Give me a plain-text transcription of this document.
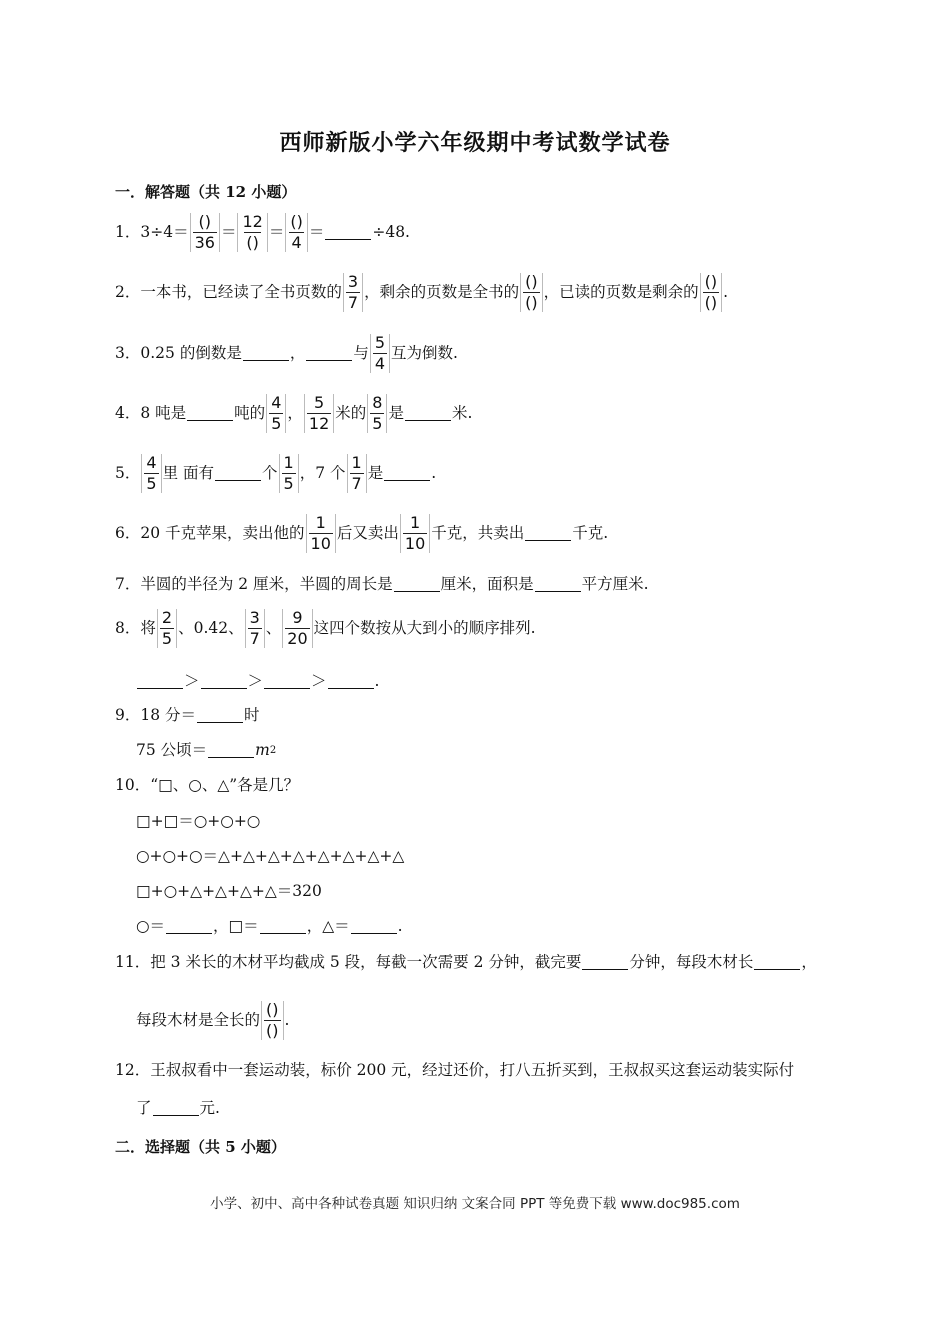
西师新版小学六年级期中考试数学试卷
一．解答题（共 12 小题）
1． $3\div 4= \frac{()}{36} = \frac{12}{()} = \frac{()}{4}$ ＝	÷48.
2． 一本书，已经读了全书页数的 $\frac{3}{7}$ ，剩余的页数是全书的 $\frac{()}{()}$ ，已读的页数是剩余的 $\frac{()}{()}$ .
3． 0.25 的倒数是	，	与 $\frac{5}{4}$ 互为倒数.
4． 8 吨是	吨的 $\frac{4}{5}$ ， $\frac{5}{12}$ 米的 $\frac{8}{5}$ 是	米.
5． $\frac{4}{5}$ 里 面有	个 $\frac{1}{5}$ ，7 个 $\frac{1}{7}$ 是	.
6． 20 千克苹果，卖出他的 $\frac{1}{10}$ 后又卖出 $\frac{1}{10}$ 千克，共卖出	千克.
7． 半圆的半径为 2 厘米，半圆的周长是	厘米，面积是	平方厘米.
8． 将 $\frac{2}{5}$ 、0.42、 $\frac{3}{7}$ 、 $\frac{9}{20}$ 这四个数按从大到小的顺序排列.
＞	＞	＞	.
9． 18 分＝	时
75 公顷＝	m 2
10． “□、○、△”各是几？
□+□＝○+○+○
○+○+○＝△+△+△+△+△+△+△+△
□+○+△+△+△+△＝320
○＝	，□＝	，△＝	.
11． 把 3 米长的木材平均截成 5 段，每截一次需要 2 分钟，截完要	分钟，每段木材长	，
每段木材是全长的 $\frac{()}{()}$ .
12． 王叔叔看中一套运动装，标价 200 元，经过还价，打八五折买到，王叔叔买这套运动装实际付
了	元.
二．选择题（共 5 小题）
小学、初中、高中各种试卷真题 知识归纳 文案合同 PPT 等免费下载 www.doc985.com
